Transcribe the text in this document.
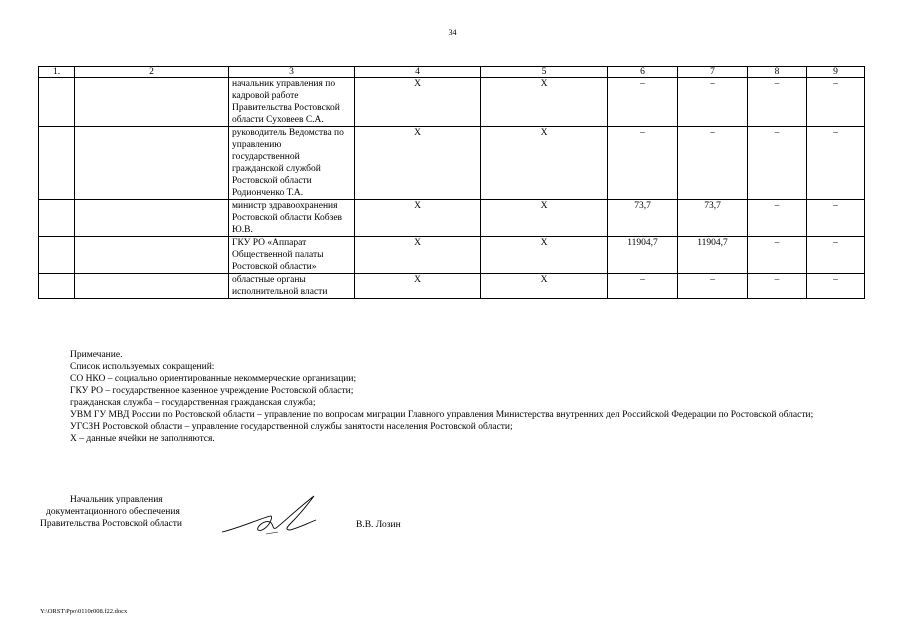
34
1.	2	3	4	5	6	7	8	9
		начальник управления по кадровой работе Правительства Ростовской области Суховеев С.А.	Х	Х	–	–	–	–
		руководитель Ведомства по управлению государственной гражданской службой Ростовской области Родионченко Т.А.	Х	Х	–	–	–	–
		министр здравоохранения Ростовской области Кобзев Ю.В.	Х	Х	73,7	73,7	–	–
		ГКУ РО «Аппарат Общественной палаты Ростовской области»	Х	Х	11904,7	11904,7	–	–
		областные органы исполнительной власти	Х	Х	–	–	–	–
Примечание.
Список используемых сокращений:
СО НКО – социально ориентированные некоммерческие организации;
ГКУ РО – государственное казенное учреждение Ростовской области;
гражданская служба – государственная гражданская служба;
УВМ ГУ МВД России по Ростовской области – управление по вопросам миграции Главного управления Министерства внутренних дел Российской Федерации по Ростовской области;
УГСЗН Ростовской области – управление государственной службы занятости населения Ростовской области;
Х – данные ячейки не заполняются.
Начальник управления
документационного обеспечения
Правительства Ростовской области	В.В. Лозин
Y:\ORST\Ppo\0110r008.f22.docx
